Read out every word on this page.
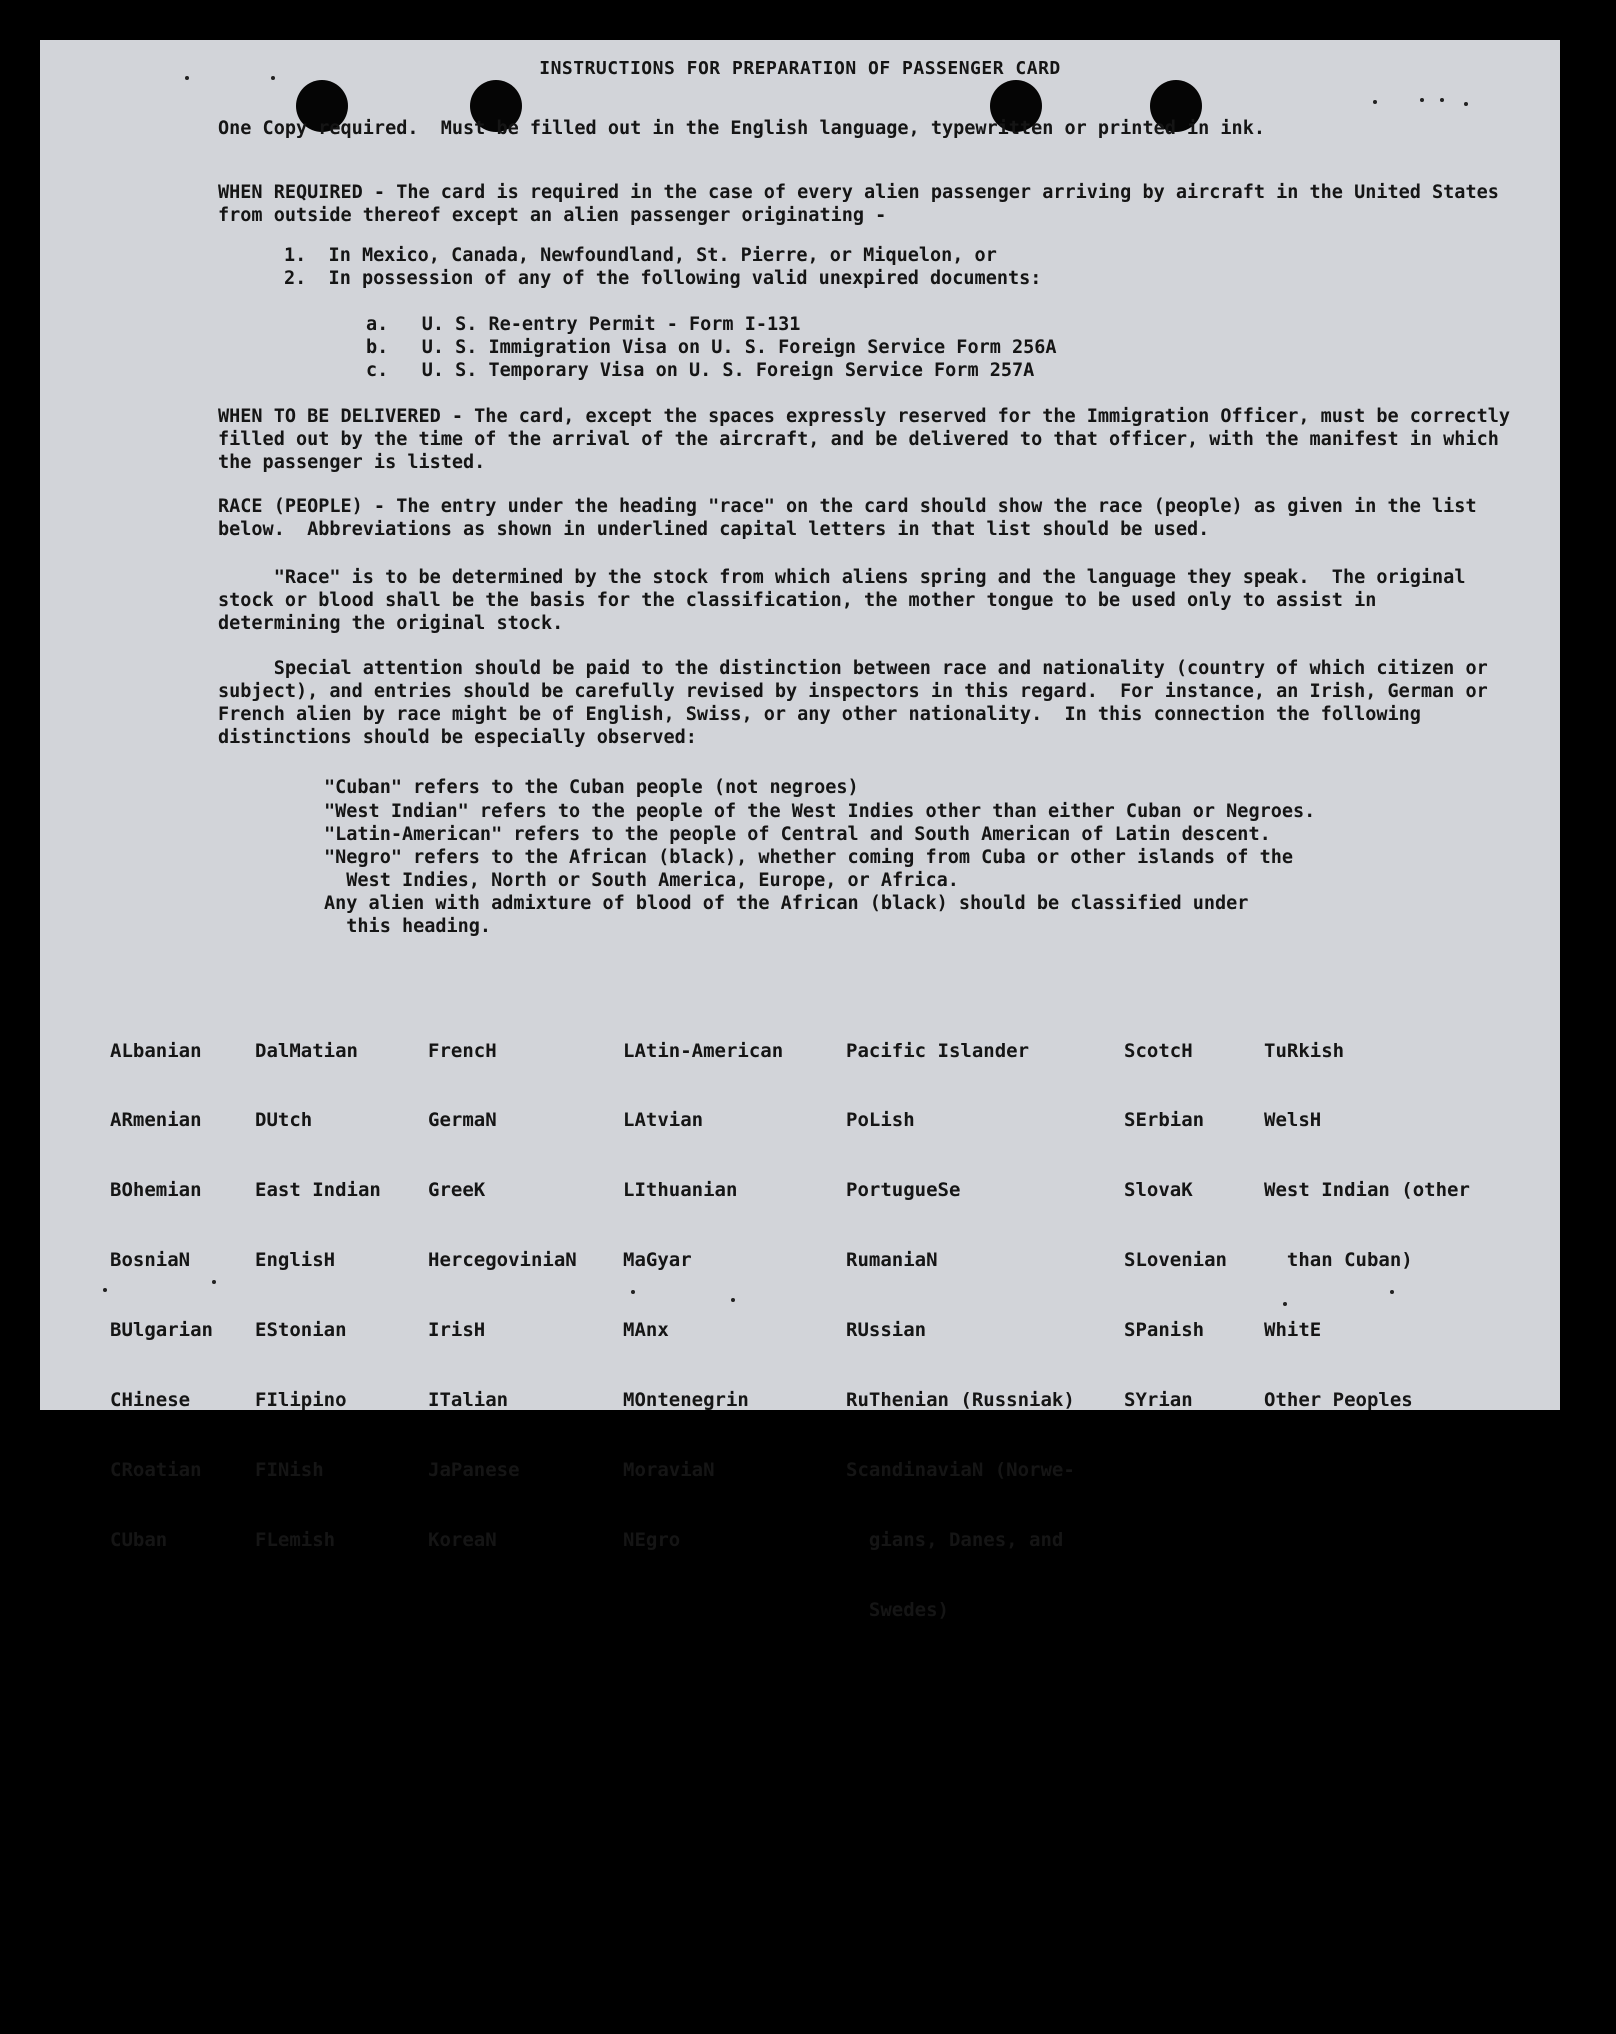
INSTRUCTIONS FOR PREPARATION OF PASSENGER CARD
One Copy required.  Must be filled out in the English language, typewritten or printed in ink.
WHEN REQUIRED - The card is required in the case of every alien passenger arriving by aircraft in the United States from outside thereof except an alien passenger originating -
1.  In Mexico, Canada, Newfoundland, St. Pierre, or Miquelon, or
2.  In possession of any of the following valid unexpired documents:
a.   U. S. Re-entry Permit - Form I-131
b.   U. S. Immigration Visa on U. S. Foreign Service Form 256A
c.   U. S. Temporary Visa on U. S. Foreign Service Form 257A
WHEN TO BE DELIVERED - The card, except the spaces expressly reserved for the Immigration Officer, must be correctly filled out by the time of the arrival of the aircraft, and be delivered to that officer, with the manifest in which the passenger is listed.
RACE (PEOPLE) - The entry under the heading "race" on the card should show the race (people) as given in the list below.  Abbreviations as shown in underlined capital letters in that list should be used.
"Race" is to be determined by the stock from which aliens spring and the language they speak.  The original stock or blood shall be the basis for the classification, the mother tongue to be used only to assist in determining the original stock.
Special attention should be paid to the distinction between race and nationality (country of which citizen or subject), and entries should be carefully revised by inspectors in this regard.  For instance, an Irish, German or French alien by race might be of English, Swiss, or any other nationality.  In this connection the following distinctions should be especially observed:
"Cuban" refers to the Cuban people (not negroes)
"West Indian" refers to the people of the West Indies other than either Cuban or Negroes.
"Latin-American" refers to the people of Central and South American of Latin descent.
"Negro" refers to the African (black), whether coming from Cuba or other islands of the
West Indies, North or South America, Europe, or Africa.
Any alien with admixture of blood of the African (black) should be classified under
this heading.

ALbanian

ARmenian

BOhemian

BosniaN

BUlgarian

CHinese

CRoatian

CUban

DalMatian

DUtch

East Indian

EnglisH

EStonian

FIlipino

FINish

FLemish

FrencH

GermaN

GreeK

HercegoviniaN

IrisH

ITalian

JaPanese

KoreaN

LAtin-American

LAtvian

LIthuanian

MaGyar

MAnx

MOntenegrin

MoraviaN

NEgro

Pacific Islander

PoLish

PortugueSe

RumaniaN

RUssian

RuThenian (Russniak)

ScandinaviaN (Norwe-

gians, Danes, and

Swedes)

ScotcH

SErbian

SlovaK

SLovenian

SPanish

SYrian

TuRkish

WelsH

West Indian (other

than Cuban)

WhitE

Other Peoples
